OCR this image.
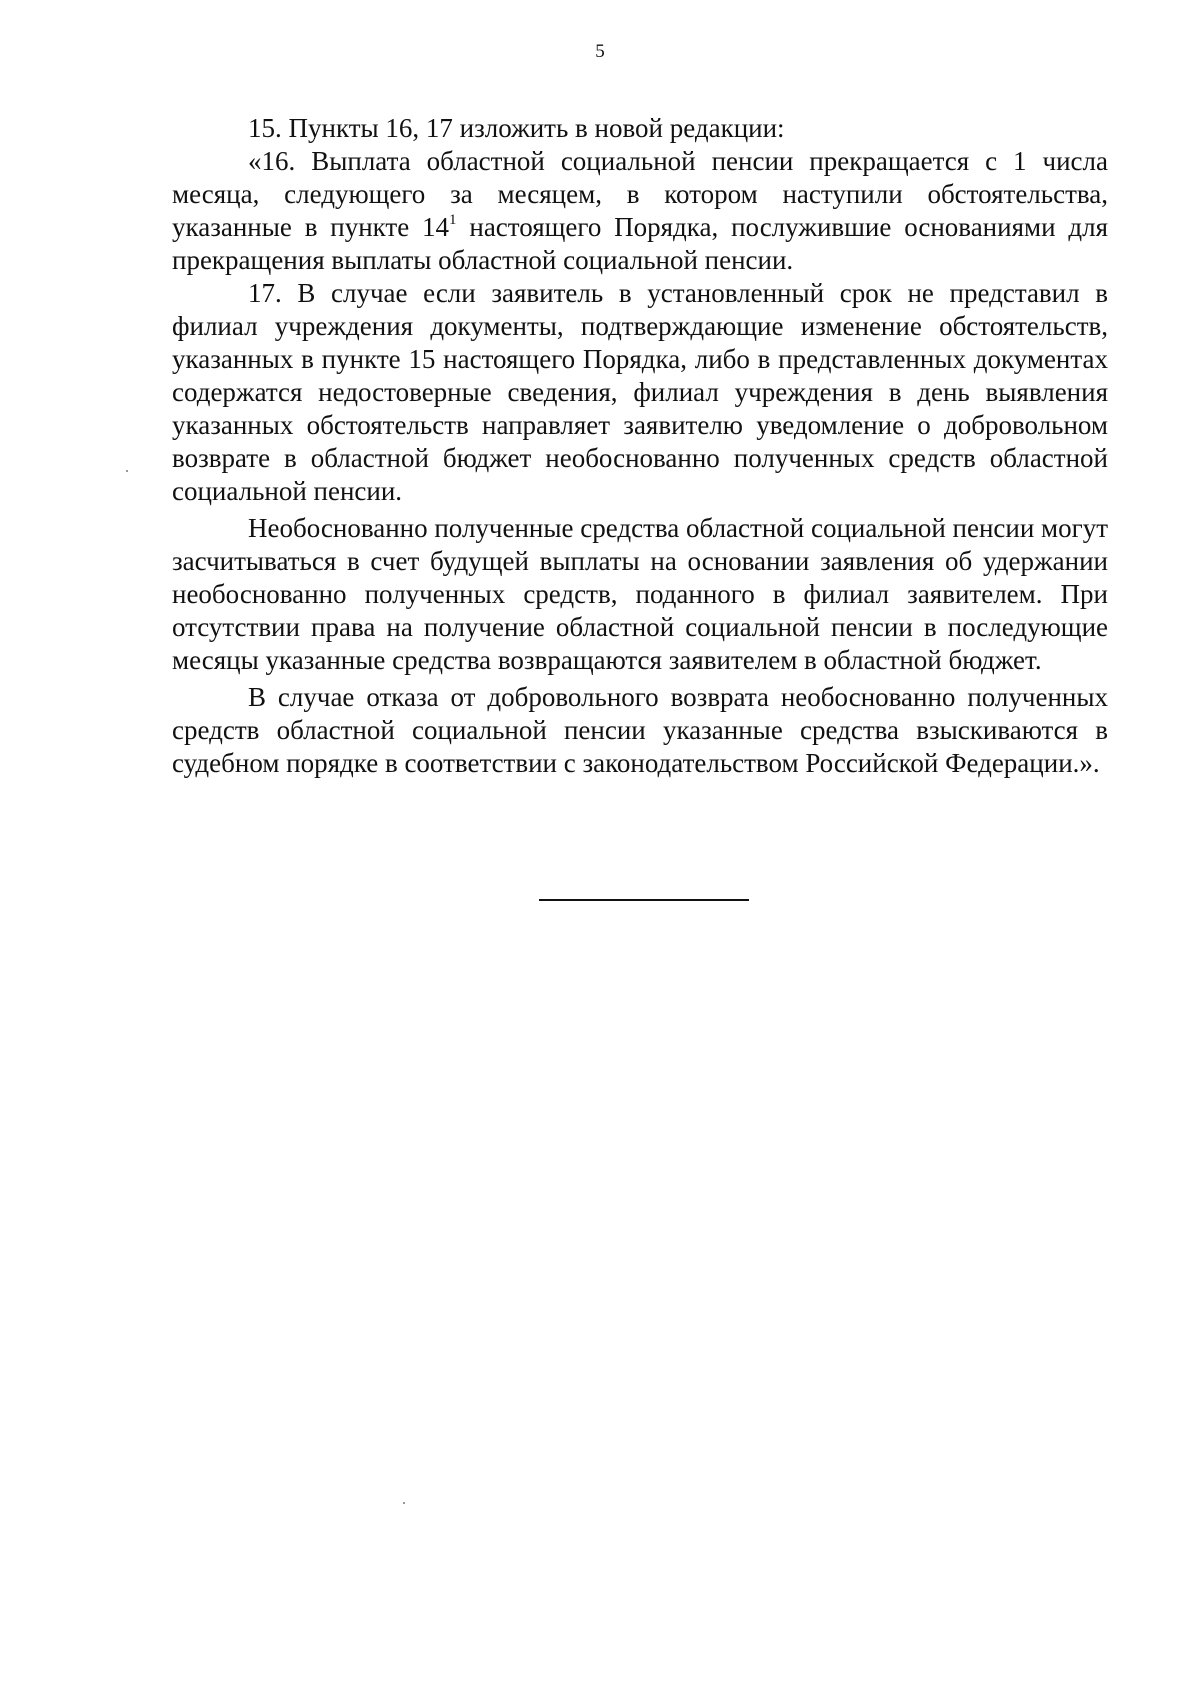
5

15. Пункты 16, 17 изложить в новой редакции:

«16. Выплата областной социальной пенсии прекращается с 1 числа месяца, следующего за месяцем, в котором наступили обстоятельства, указанные в пункте $14^1$ настоящего Порядка, послужившие основаниями для прекращения выплаты областной социальной пенсии.

17. В случае если заявитель в установленный срок не представил в филиал учреждения документы, подтверждающие изменение обстоятельств, указанных в пункте 15 настоящего Порядка, либо в представленных документах содержатся недостоверные сведения, филиал учреждения в день выявления указанных обстоятельств направляет заявителю уведомление о добровольном возврате в областной бюджет необоснованно полученных средств областной социальной пенсии.

Необоснованно полученные средства областной социальной пенсии могут засчитываться в счет будущей выплаты на основании заявления об удержании необоснованно полученных средств, поданного в филиал заявителем. При отсутствии права на получение областной социальной пенсии в последующие месяцы указанные средства возвращаются заявителем в областной бюджет.

В случае отказа от добровольного возврата необоснованно полученных средств областной социальной пенсии указанные средства взыскиваются в судебном порядке в соответствии с законодательством Российской Федерации.».
